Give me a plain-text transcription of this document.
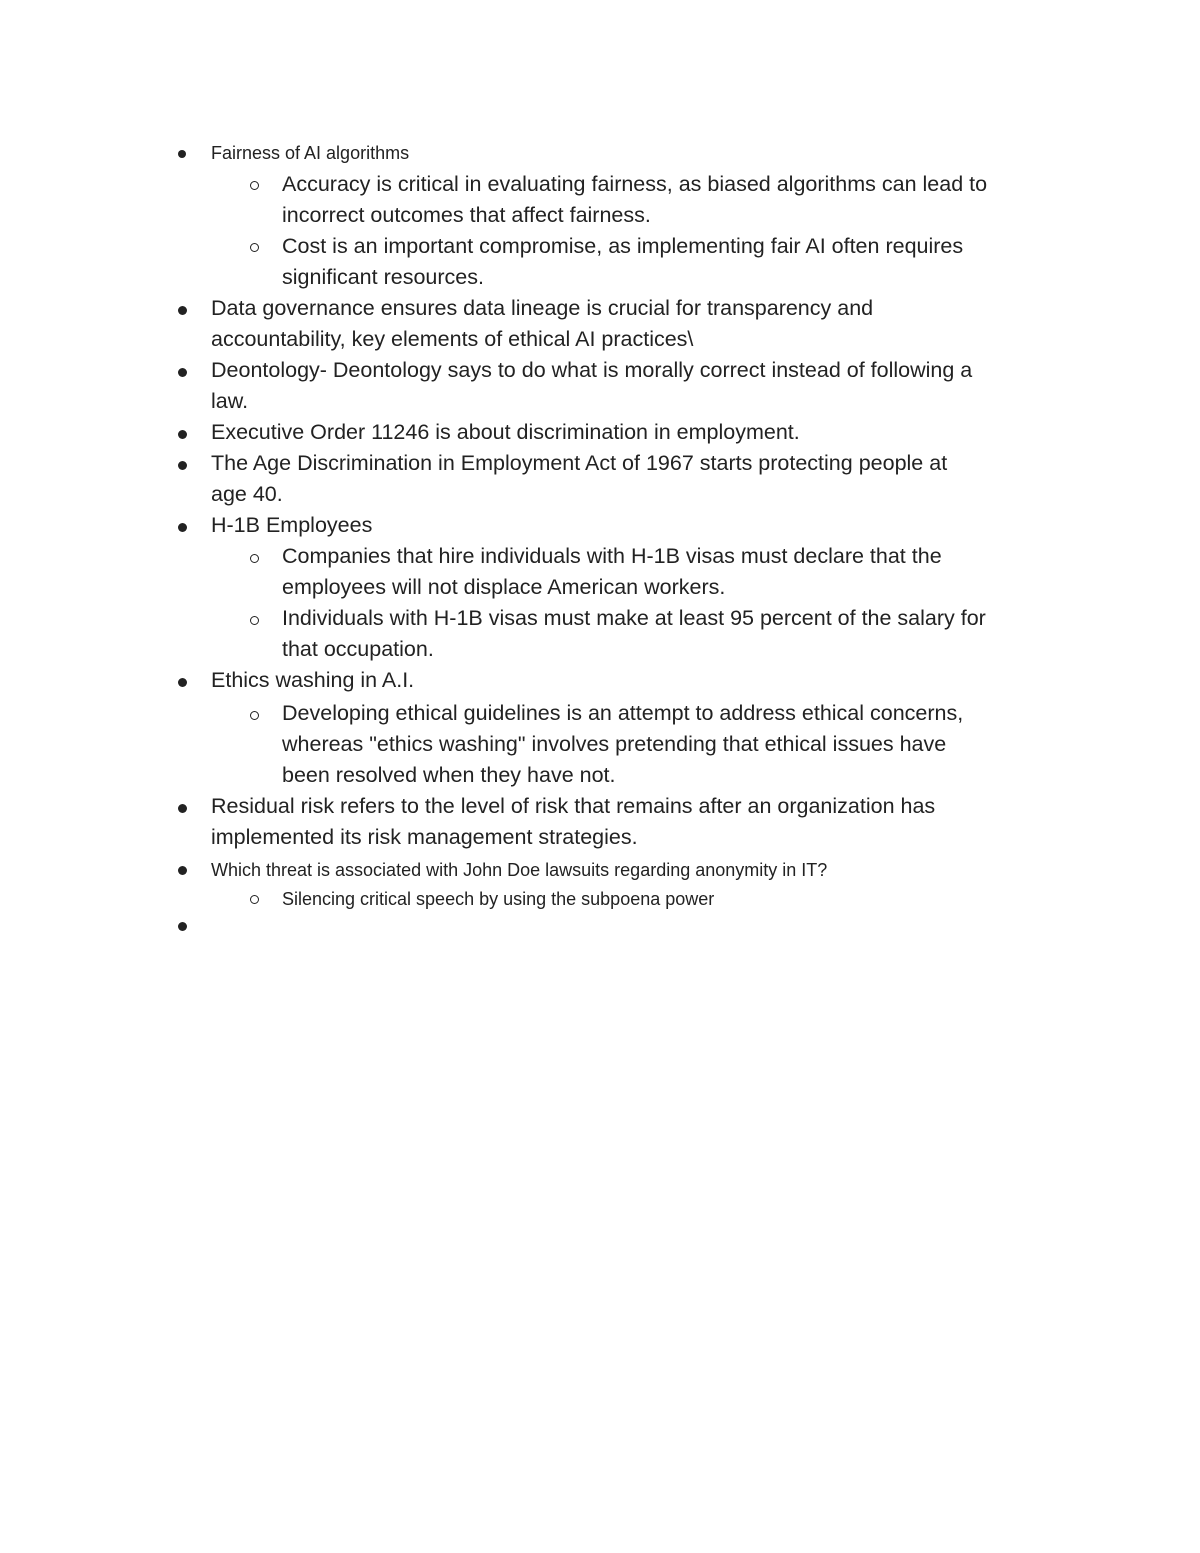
Fairness of AI algorithms
Accuracy is critical in evaluating fairness, as biased algorithms can lead to
incorrect outcomes that affect fairness.
Cost is an important compromise, as implementing fair AI often requires
significant resources.
Data governance ensures data lineage is crucial for transparency and
accountability, key elements of ethical AI practices\
Deontology- Deontology says to do what is morally correct instead of following a
law.
Executive Order 11246 is about discrimination in employment.
The Age Discrimination in Employment Act of 1967 starts protecting people at
age 40.
H-1B Employees
Companies that hire individuals with H-1B visas must declare that the
employees will not displace American workers.
Individuals with H-1B visas must make at least 95 percent of the salary for
that occupation.
Ethics washing in A.I.
Developing ethical guidelines is an attempt to address ethical concerns,
whereas "ethics washing" involves pretending that ethical issues have
been resolved when they have not.
Residual risk refers to the level of risk that remains after an organization has
implemented its risk management strategies.
Which threat is associated with John Doe lawsuits regarding anonymity in IT?
Silencing critical speech by using the subpoena power
